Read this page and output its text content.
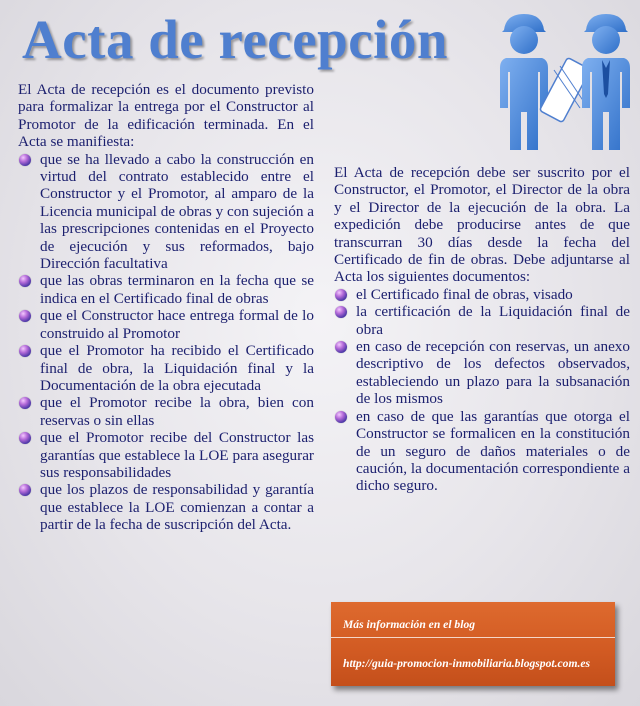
Acta de recepción

El Acta de recepción es el documento previsto para formalizar la entrega por el Constructor al Promotor de la edificación terminada. En el Acta se manifiesta:

que se ha llevado a cabo la construcción en virtud del contrato establecido entre el Constructor y el Promotor, al amparo de la Licencia municipal de obras y con sujeción a las prescripciones contenidas en el Proyecto de ejecución y sus reformados, bajo Dirección facultativa
que las obras terminaron en la fecha que se indica en el Certificado final de obras
que el Constructor hace entrega formal de lo construido al Promotor
que el Promotor ha recibido el Certificado final de obra, la Liquidación final y la Documentación de la obra ejecutada
que el Promotor recibe la obra, bien con reservas o sin ellas
que el Promotor recibe del Constructor las garantías que establece la LOE para asegurar sus responsabilidades
que los plazos de responsabilidad y garantía que establece la LOE comienzan a contar a partir de la fecha de suscripción del Acta.

El Acta de recepción debe ser suscrito por el Constructor, el Promotor, el Director de la obra y el Director de la ejecución de la obra. La expedición debe producirse antes de que transcurran 30 días desde la fecha del Certificado de fin de obras. Debe adjuntarse al Acta los siguientes documentos:

el Certificado final de obras, visado
la certificación de la Liquidación final de obra
en caso de recepción con reservas, un anexo descriptivo de los defectos observados, estableciendo un plazo para la subsanación de los mismos
en caso de que las garantías que otorga el Constructor se formalicen en la constitución de un seguro de daños materiales o de caución, la documentación correspondiente a dicho seguro.
Más información en el blog
http://guia-promocion-inmobiliaria.blogspot.com.es
